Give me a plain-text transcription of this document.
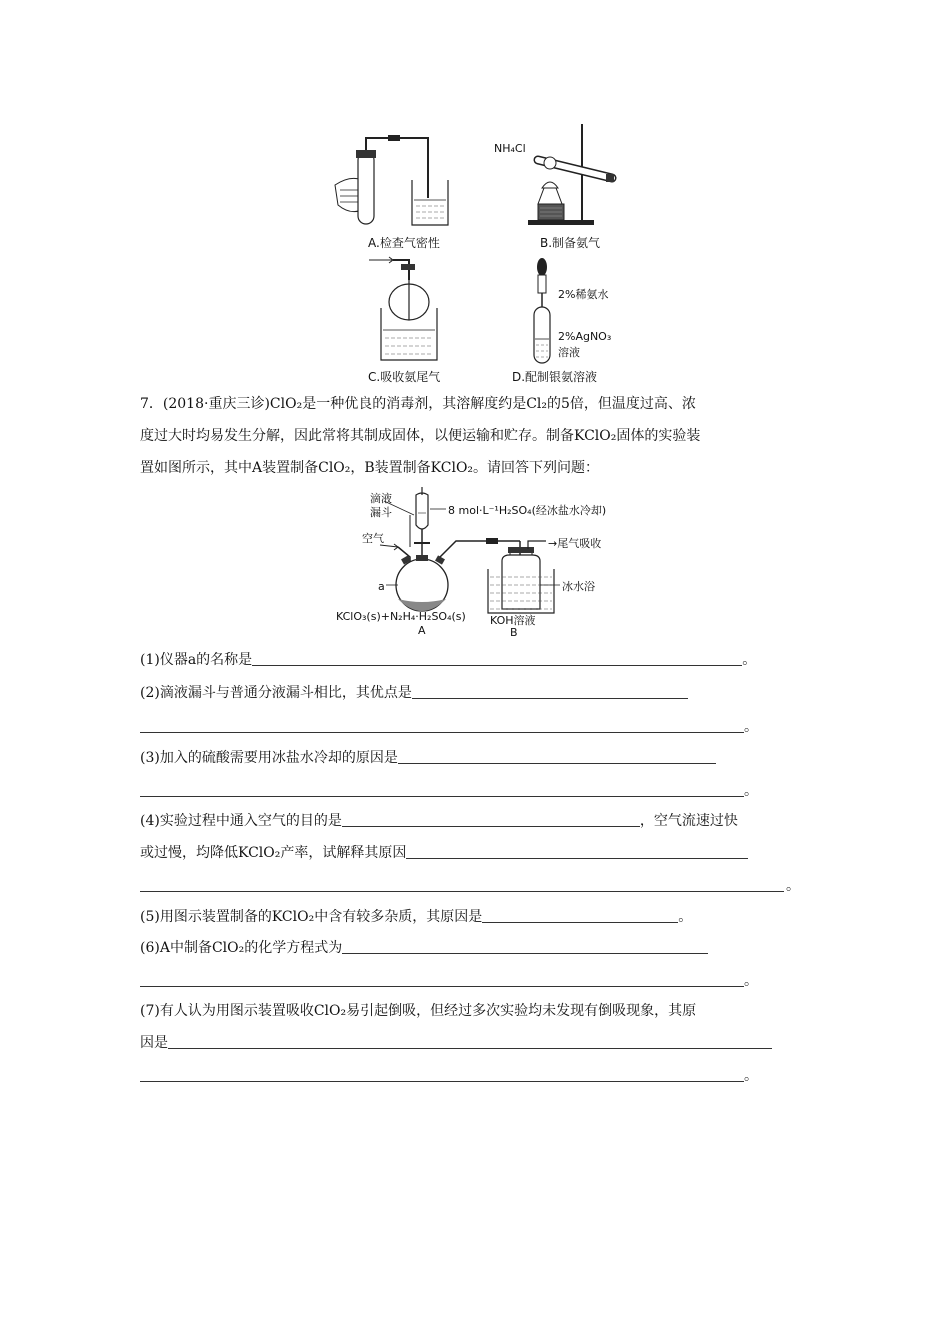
A.检查气密性
NH₄Cl
B.制备氨气
C.吸收氨尾气
2%稀氨水
2%AgNO₃
溶液
D.配制银氨溶液
7．(2018·重庆三诊)ClO₂是一种优良的消毒剂，其溶解度约是Cl₂的5倍，但温度过高、浓
度过大时均易发生分解，因此常将其制成固体，以便运输和贮存。制备KClO₂固体的实验装
置如图所示，其中A装置制备ClO₂，B装置制备KClO₂。请回答下列问题：
滴液
漏斗	8 mol·L⁻¹H₂SO₄(经冰盐水冷却)
空气	→尾气吸收
a	冰水浴
KClO₃(s)+N₂H₄·H₂SO₄(s)
A
KOH溶液
B
(1)仪器a的名称是	。
(2)滴液漏斗与普通分液漏斗相比，其优点是
。
(3)加入的硫酸需要用冰盐水冷却的原因是
。
(4)实验过程中通入空气的目的是	，空气流速过快
或过慢，均降低KClO₂产率，试解释其原因
。
(5)用图示装置制备的KClO₂中含有较多杂质，其原因是	。
(6)A中制备ClO₂的化学方程式为
。
(7)有人认为用图示装置吸收ClO₂易引起倒吸，但经过多次实验均未发现有倒吸现象，其原
因是
。
